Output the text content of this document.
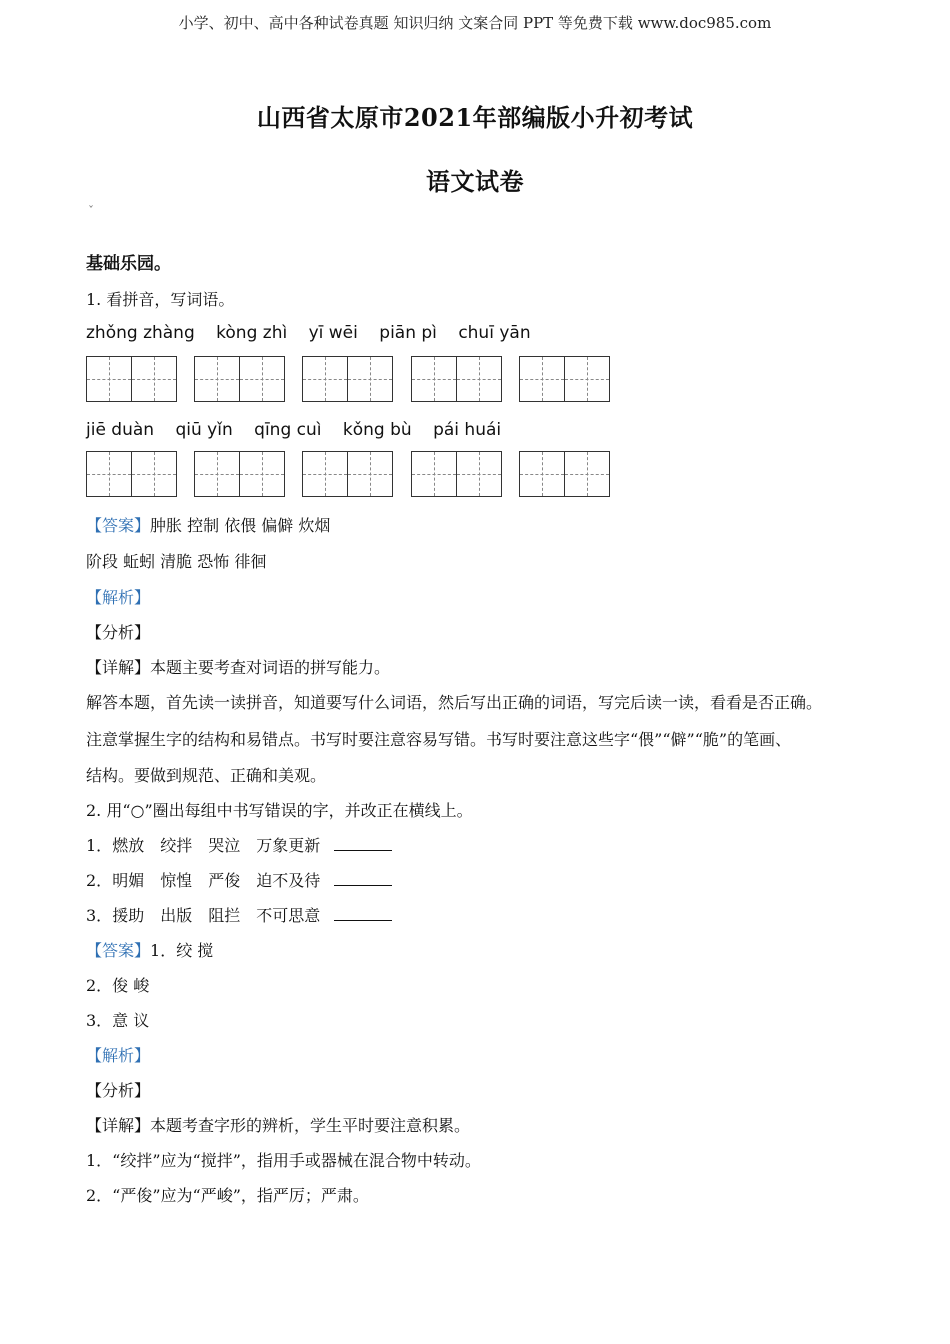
小学、初中、高中各种试卷真题 知识归纳 文案合同 PPT 等免费下载 www.doc985.com
山西省太原市2021年部编版小升初考试
语文试卷
ˇ
基础乐园。
1. 看拼音，写词语。
zhǒng zhàng kòng zhì yī wēi piān pì chuī yān
jiē duàn qiū yǐn qīng cuì kǒng bù pái huái
【答案】肿胀 控制 依偎 偏僻 炊烟
阶段 蚯蚓 清脆 恐怖 徘徊
【解析】
【分析】
【详解】本题主要考查对词语的拼写能力。
解答本题，首先读一读拼音，知道要写什么词语，然后写出正确的词语，写完后读一读，看看是否正确。
注意掌握生字的结构和易错点。书写时要注意容易写错。书写时要注意这些字“偎”“僻”“脆”的笔画、
结构。要做到规范、正确和美观。
2. 用“○”圈出每组中书写错误的字，并改正在横线上。
1．燃放 绞拌 哭泣 万象更新
2．明媚 惊惶 严俊 迫不及待
3．援助 出版 阻拦 不可思意
【答案】1．绞 搅
2．俊 峻
3．意 议
【解析】
【分析】
【详解】本题考查字形的辨析，学生平时要注意积累。
1．“绞拌”应为“搅拌”，指用手或器械在混合物中转动。
2．“严俊”应为“严峻”，指严厉；严肃。
